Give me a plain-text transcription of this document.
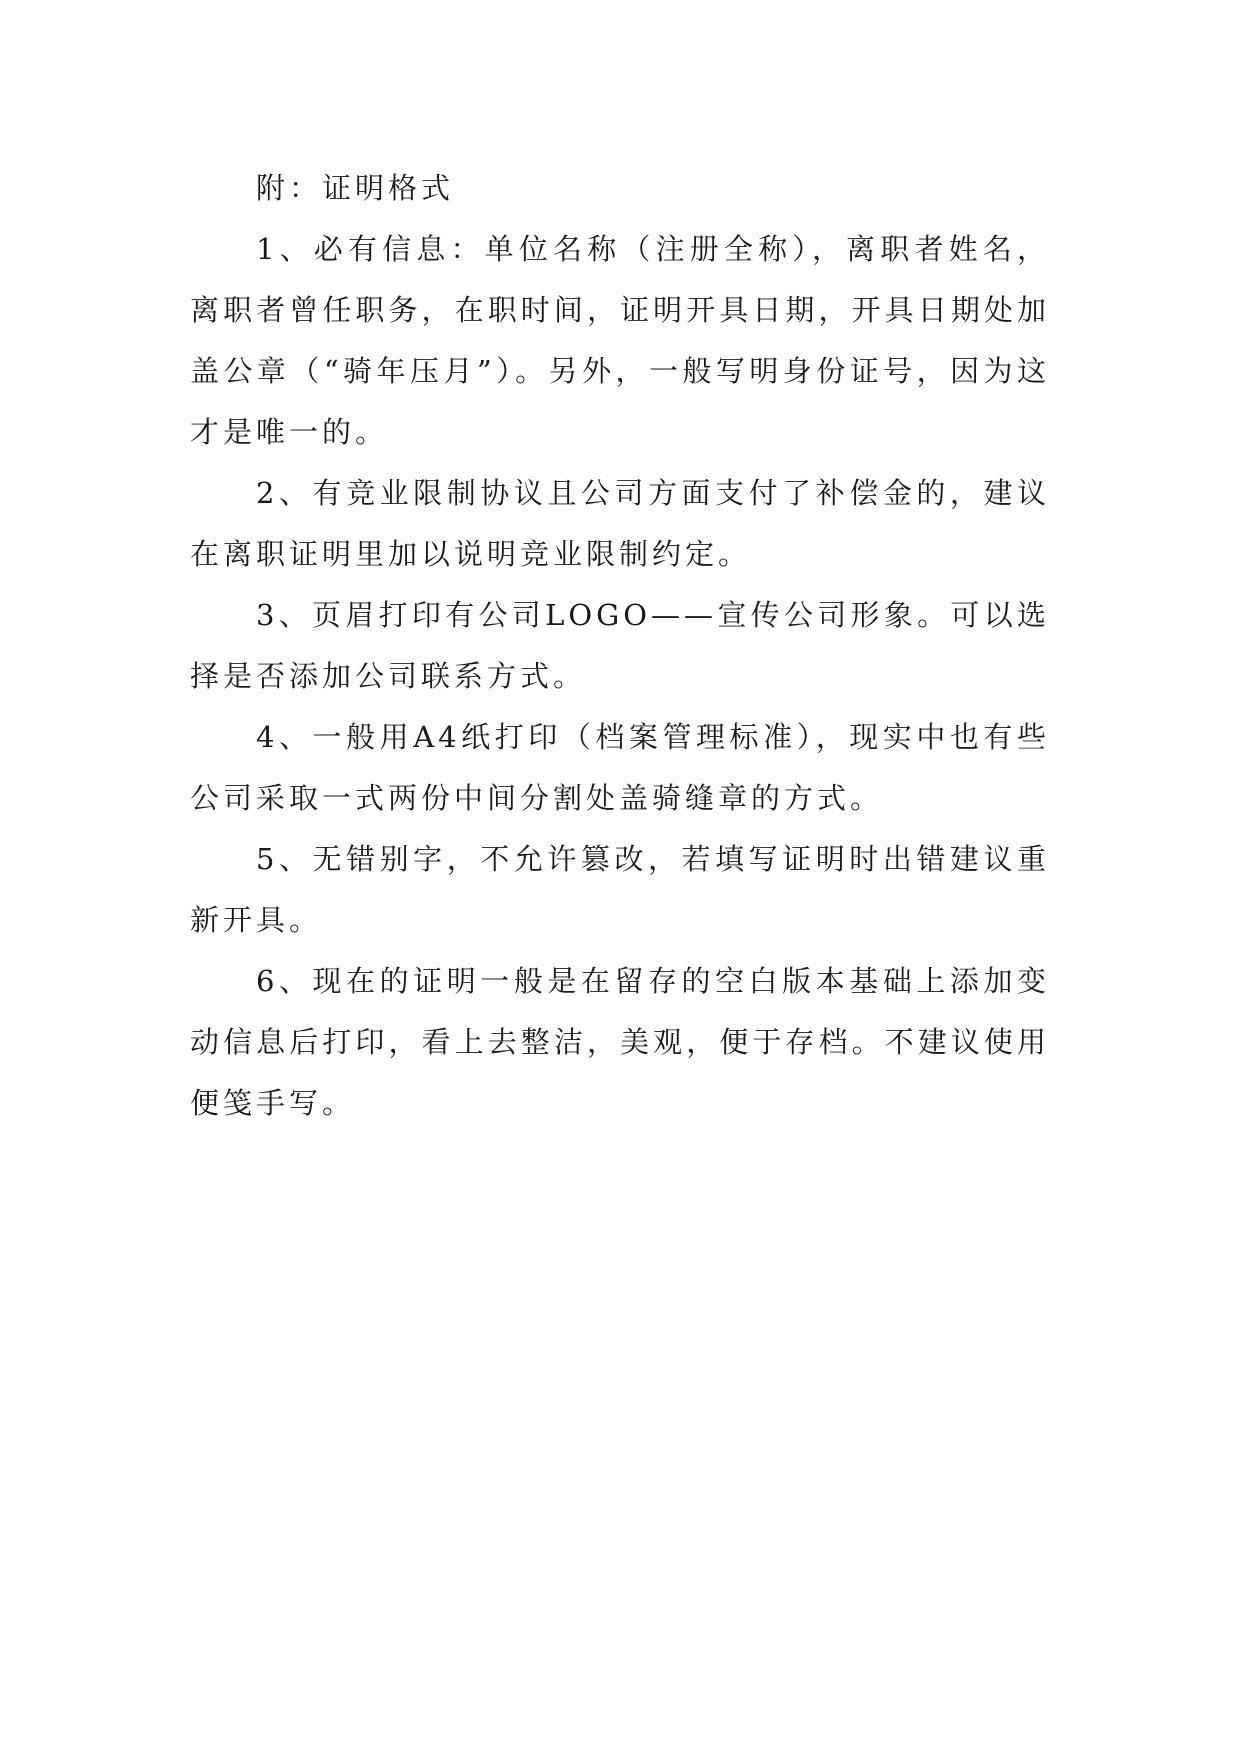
附：证明格式

1、必有信息：单位名称（注册全称），离职者姓名，离职者曾任职务，在职时间，证明开具日期，开具日期处加盖公章（“骑年压月”）。另外，一般写明身份证号，因为这才是唯一的。

2、有竞业限制协议且公司方面支付了补偿金的，建议在离职证明里加以说明竞业限制约定。

3、页眉打印有公司LOGO——宣传公司形象。可以选择是否添加公司联系方式。

4、一般用A4纸打印（档案管理标准），现实中也有些公司采取一式两份中间分割处盖骑缝章的方式。

5、无错别字，不允许篡改，若填写证明时出错建议重新开具。

6、现在的证明一般是在留存的空白版本基础上添加变动信息后打印，看上去整洁，美观，便于存档。不建议使用便笺手写。
